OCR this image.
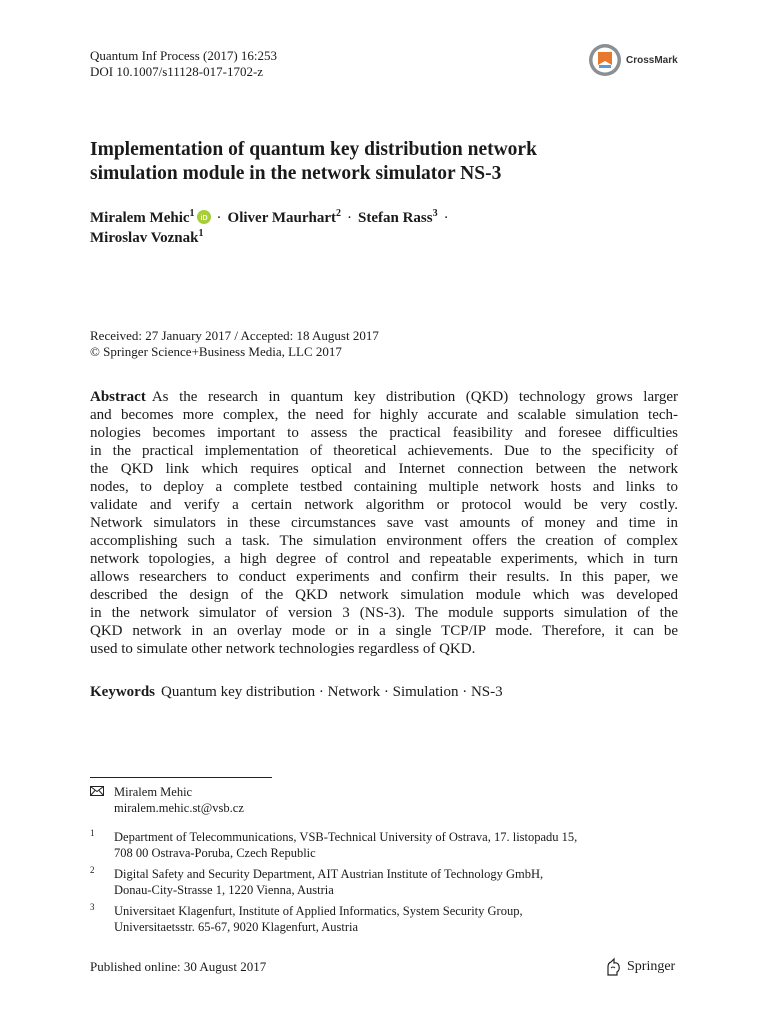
Quantum Inf Process (2017) 16:253
DOI 10.1007/s11128-017-1702-z
CrossMark
Implementation of quantum key distribution network
simulation module in the network simulator NS-3
Miralem Mehic$^1$ iD · Oliver Maurhart$^2$ · Stefan Rass$^3$ ·
Miroslav Voznak$^1$
Received: 27 January 2017 / Accepted: 18 August 2017
© Springer Science+Business Media, LLC 2017
Abstract As the research in quantum key distribution (QKD) technology grows larger
and becomes more complex, the need for highly accurate and scalable simulation tech-
nologies becomes important to assess the practical feasibility and foresee difficulties
in the practical implementation of theoretical achievements. Due to the specificity of
the QKD link which requires optical and Internet connection between the network
nodes, to deploy a complete testbed containing multiple network hosts and links to
validate and verify a certain network algorithm or protocol would be very costly.
Network simulators in these circumstances save vast amounts of money and time in
accomplishing such a task. The simulation environment offers the creation of complex
network topologies, a high degree of control and repeatable experiments, which in turn
allows researchers to conduct experiments and confirm their results. In this paper, we
described the design of the QKD network simulation module which was developed
in the network simulator of version 3 (NS-3). The module supports simulation of the
QKD network in an overlay mode or in a single TCP/IP mode. Therefore, it can be
used to simulate other network technologies regardless of QKD.
Keywords Quantum key distribution · Network · Simulation · NS-3
Miralem Mehic
miralem.mehic.st@vsb.cz
1 Department of Telecommunications, VSB-Technical University of Ostrava, 17. listopadu 15,
708 00 Ostrava-Poruba, Czech Republic
2 Digital Safety and Security Department, AIT Austrian Institute of Technology GmbH,
Donau-City-Strasse 1, 1220 Vienna, Austria
3 Universitaet Klagenfurt, Institute of Applied Informatics, System Security Group,
Universitaetsstr. 65-67, 9020 Klagenfurt, Austria
Published online: 30 August 2017	Springer
